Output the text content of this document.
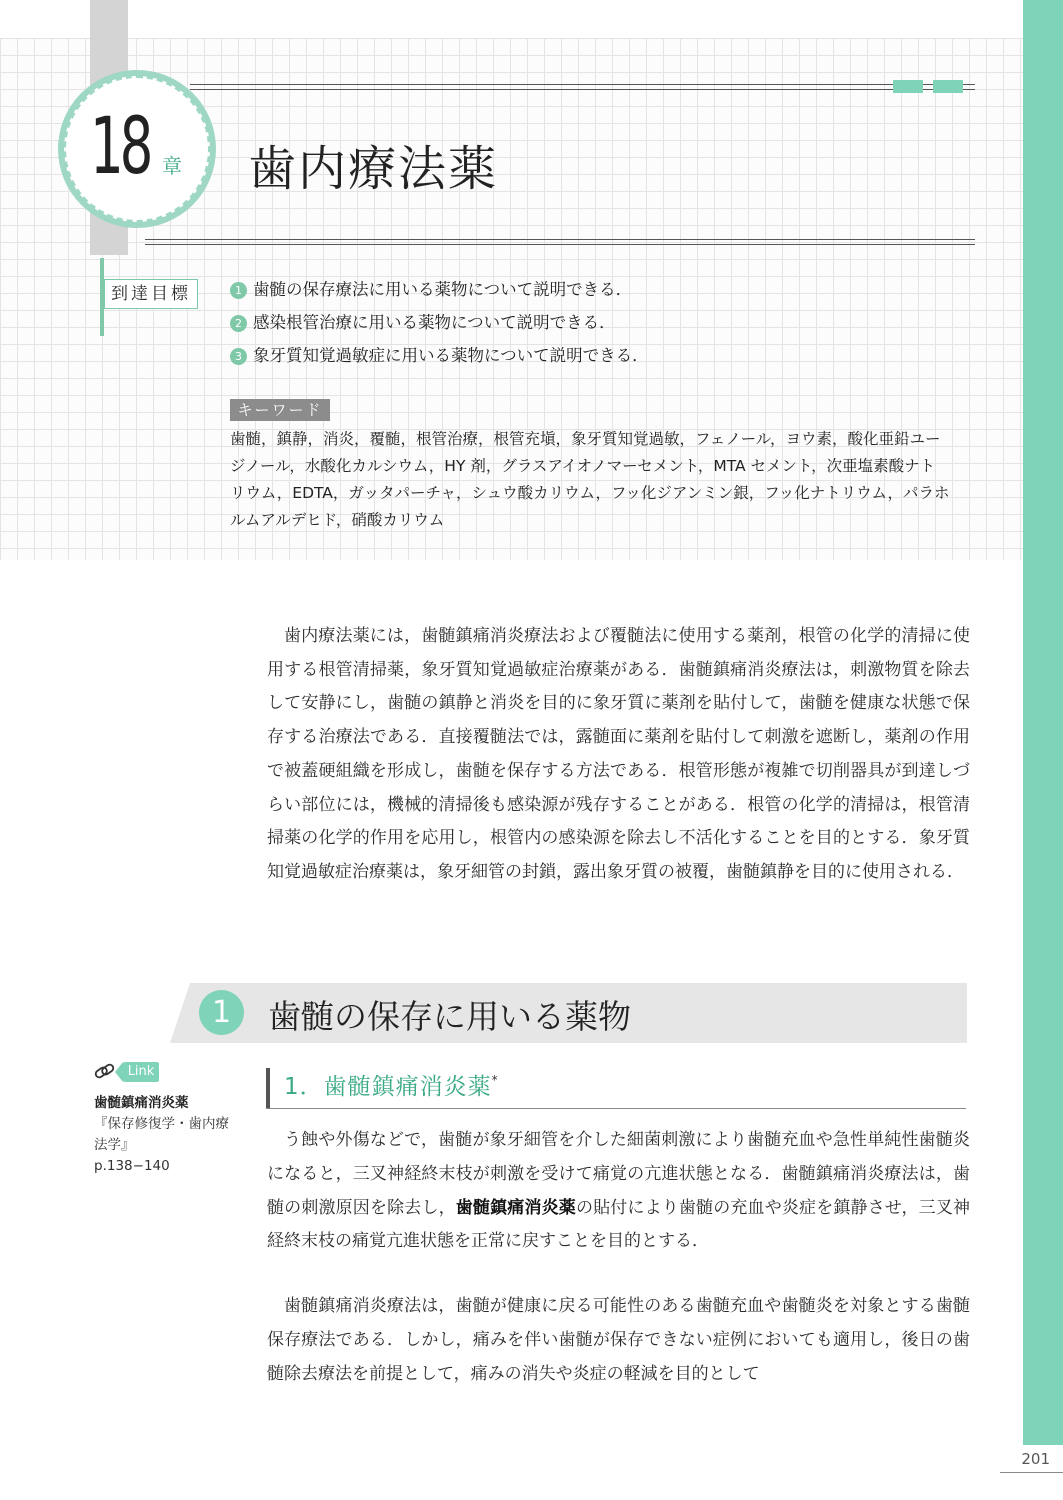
18 章 歯内療法薬
到達目標	1 歯髄の保存療法に用いる薬物について説明できる．
2 感染根管治療に用いる薬物について説明できる．
3 象牙質知覚過敏症に用いる薬物について説明できる．
キーワード
歯髄，鎮静，消炎，覆髄，根管治療，根管充塡，象牙質知覚過敏，フェノール，ヨウ素，酸化亜鉛ユージノール，水酸化カルシウム，HY 剤，グラスアイオノマーセメント，MTA セメント，次亜塩素酸ナトリウム，EDTA，ガッタパーチャ，シュウ酸カリウム，フッ化ジアンミン銀，フッ化ナトリウム，パラホルムアルデヒド，硝酸カリウム
歯内療法薬には，歯髄鎮痛消炎療法および覆髄法に使用する薬剤，根管の化学的清掃に使用する根管清掃薬，象牙質知覚過敏症治療薬がある．歯髄鎮痛消炎療法は，刺激物質を除去して安静にし，歯髄の鎮静と消炎を目的に象牙質に薬剤を貼付して，歯髄を健康な状態で保存する治療法である．直接覆髄法では，露髄面に薬剤を貼付して刺激を遮断し，薬剤の作用で被蓋硬組織を形成し，歯髄を保存する方法である．根管形態が複雑で切削器具が到達しづらい部位には，機械的清掃後も感染源が残存することがある．根管の化学的清掃は，根管清掃薬の化学的作用を応用し，根管内の感染源を除去し不活化することを目的とする．象牙質知覚過敏症治療薬は，象牙細管の封鎖，露出象牙質の被覆，歯髄鎮静を目的に使用される．
1	歯髄の保存に用いる薬物
1．歯髄鎮痛消炎薬*
Link
歯髄鎮痛消炎薬
『保存修復学・歯内療法学』
p.138−140
う蝕や外傷などで，歯髄が象牙細管を介した細菌刺激により歯髄充血や急性単純性歯髄炎になると，三叉神経終末枝が刺激を受けて痛覚の亢進状態となる．歯髄鎮痛消炎療法は，歯髄の刺激原因を除去し，歯髄鎮痛消炎薬の貼付により歯髄の充血や炎症を鎮静させ，三叉神経終末枝の痛覚亢進状態を正常に戻すことを目的とする．
歯髄鎮痛消炎療法は，歯髄が健康に戻る可能性のある歯髄充血や歯髄炎を対象とする歯髄保存療法である．しかし，痛みを伴い歯髄が保存できない症例においても適用し，後日の歯髄除去療法を前提として，痛みの消失や炎症の軽減を目的として
201
